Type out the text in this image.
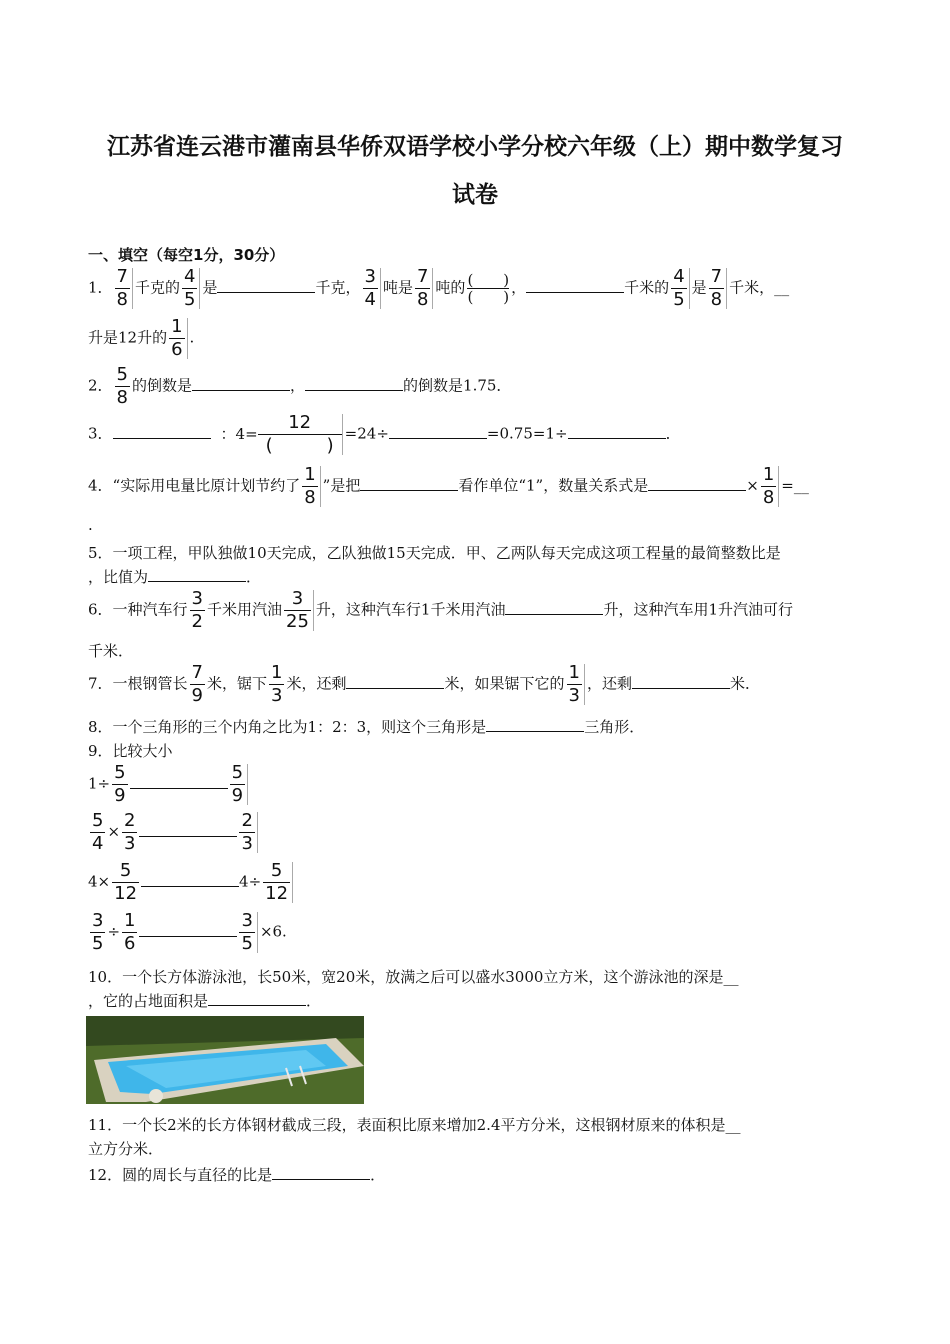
江苏省连云港市灌南县华侨双语学校小学分校六年级（上）期中数学复习
试卷
一、填空（每空1分，30分）
1． $\frac{7}{8}$ 千克的 $\frac{4}{5}$ 是	千克， $\frac{3}{4}$ 吨是 $\frac{7}{8}$ 吨的 $\frac{( )}{( )}$ ，	千米的 $\frac{4}{5}$ 是 $\frac{7}{8}$ 千米，__
升是12升的 $\frac{1}{6}$ .
2． $\frac{5}{8}$ 的倒数是	，	的倒数是1.75．
3．	：$4= \frac{12}{( )} =24\div$	=0.75=1÷	．
4．“实际用电量比原计划节约了 $\frac{1}{8}$ ”是把	看作单位“1”，数量关系式是	× $\frac{1}{8}$ =__
.
5．一项工程，甲队独做10天完成，乙队独做15天完成．甲、乙两队每天完成这项工程量的最简整数比是
，比值为	．
6．一种汽车行 $\frac{3}{2}$ 千米用汽油 $\frac{3}{25}$ 升，这种汽车行1千米用汽油	升，这种汽车用1升汽油可行
千米．
7．一根钢管长 $\frac{7}{9}$ 米，锯下 $\frac{1}{3}$ 米，还剩	米，如果锯下它的 $\frac{1}{3}$ ，还剩	米．
8．一个三角形的三个内角之比为1：2：3，则这个三角形是	三角形．
9．比较大小
$1\div \frac{5}{9}$	$\frac{5}{9}$
$\frac{5}{4} \times \frac{2}{3}$	$\frac{2}{3}$
$4\times \frac{5}{12}$	$4\div \frac{5}{12}$
$\frac{3}{5} \div \frac{1}{6}$	$\frac{3}{5} \times 6$.
10．一个长方体游泳池，长50米，宽20米，放满之后可以盛水3000立方米，这个游泳池的深是__
，它的占地面积是	．
11．一个长2米的长方体钢材截成三段，表面积比原来增加2.4平方分米，这根钢材原来的体积是__
立方分米．
12．圆的周长与直径的比是	．
